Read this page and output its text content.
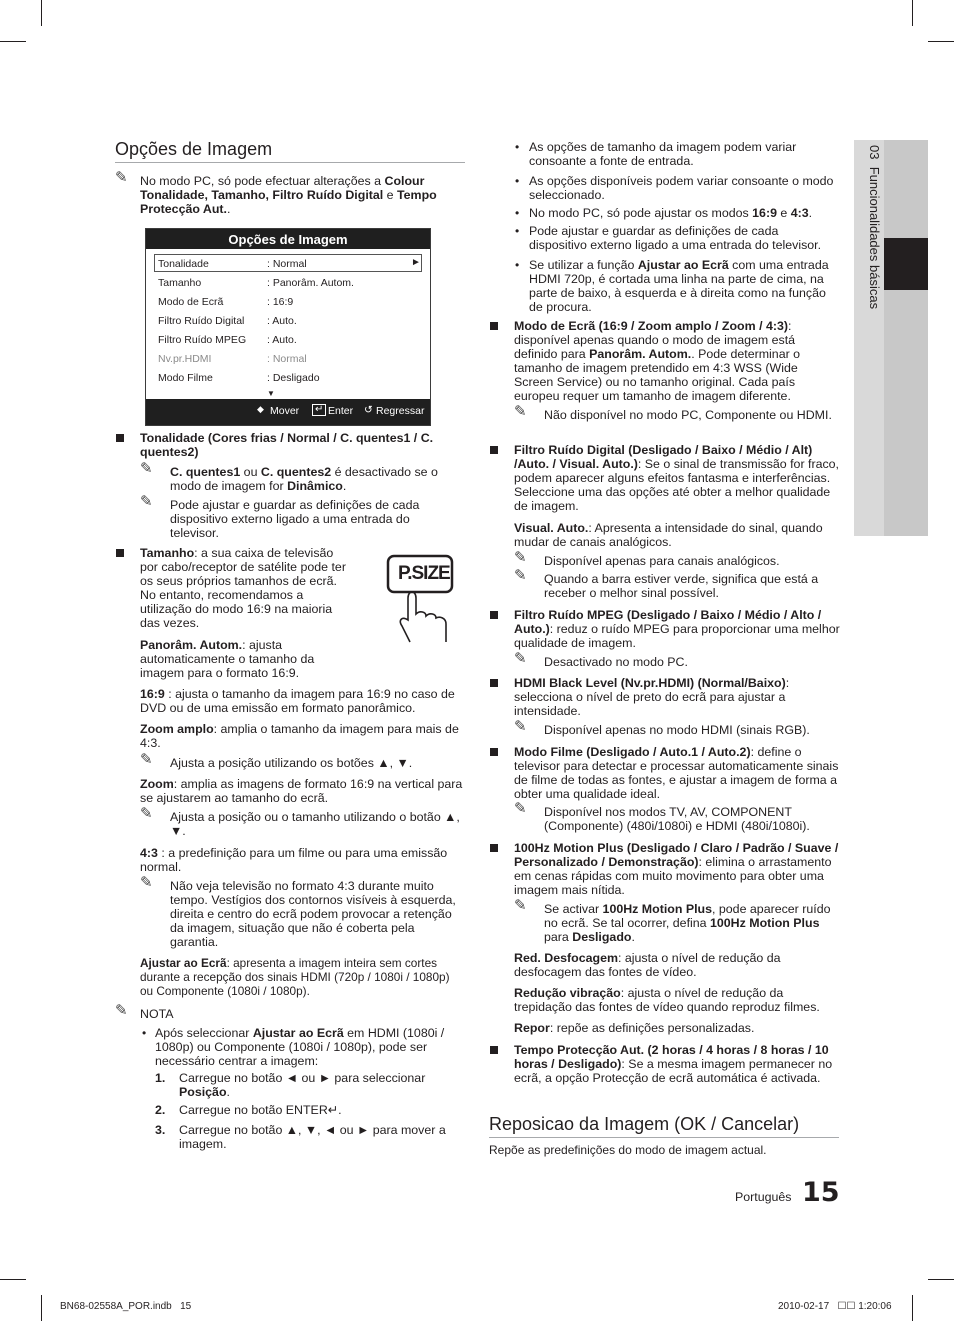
03  Funcionalidades básicas
Opções de Imagem
✎ No modo PC, só pode efectuar alterações a Colour Tonalidade, Tamanho, Filtro Ruído Digital e Tempo Protecção Aut..
Opções de Imagem
Tonalidade	: Normal
Tamanho	: Panorâm. Autom.
Modo de Ecrã	: 16:9
Filtro Ruído Digital : Auto.
Filtro Ruído MPEG : Auto.
Nv.pr.HDMI	: Normal
Modo Filme	: Desligado
►
▼
◆ Mover	↵ Enter ↺ Regressar
Tonalidade (Cores frias / Normal / C. quentes1 / C. quentes2)
✎ C. quentes1 ou C. quentes2 é desactivado se o modo de imagem for Dinâmico.
✎ Pode ajustar e guardar as definições de cada dispositivo externo ligado a uma entrada do televisor.
Tamanho: a sua caixa de televisão por cabo/receptor de satélite pode ter os seus próprios tamanhos de ecrã. No entanto, recomendamos a utilização do modo 16:9 na maioria das vezes.
P.SIZE
Panorâm. Autom.: ajusta automaticamente o tamanho da imagem para o formato 16:9.
16:9 : ajusta o tamanho da imagem para 16:9 no caso de DVD ou de uma emissão em formato panorâmico.
Zoom amplo: amplia o tamanho da imagem para mais de 4:3.
✎ Ajusta a posição utilizando os botões ▲, ▼.
Zoom: amplia as imagens de formato 16:9 na vertical para se ajustarem ao tamanho do ecrã.
✎ Ajusta a posição ou o tamanho utilizando o botão ▲, ▼.
4:3 : a predefinição para um filme ou para uma emissão normal.
✎ Não veja televisão no formato 4:3 durante muito tempo. Vestígios dos contornos visíveis à esquerda, direita e centro do ecrã podem provocar a retenção da imagem, situação que não é coberta pela garantia.
Ajustar ao Ecrã: apresenta a imagem inteira sem cortes durante a recepção dos sinais HDMI (720p / 1080i / 1080p) ou Componente (1080i / 1080p).
✎ NOTA
• Após seleccionar Ajustar ao Ecrã em HDMI (1080i / 1080p) ou Componente (1080i / 1080p), pode ser necessário centrar a imagem:
1. Carregue no botão ◄ ou ► para seleccionar Posição.
2. Carregue no botão ENTER↵.
3. Carregue no botão ▲, ▼, ◄ ou ► para mover a imagem.
• As opções de tamanho da imagem podem variar consoante a fonte de entrada.
• As opções disponíveis podem variar consoante o modo seleccionado.
• No modo PC, só pode ajustar os modos 16:9 e 4:3.
• Pode ajustar e guardar as definições de cada dispositivo externo ligado a uma entrada do televisor.
• Se utilizar a função Ajustar ao Ecrã com uma entrada HDMI 720p, é cortada uma linha na parte de cima, na parte de baixo, à esquerda e à direita como na função de procura.
Modo de Ecrã (16:9 / Zoom amplo / Zoom / 4:3): disponível apenas quando o modo de imagem está definido para Panorâm. Autom.. Pode determinar o tamanho de imagem pretendido em 4:3 WSS (Wide Screen Service) ou no tamanho original. Cada país europeu requer um tamanho de imagem diferente.
✎ Não disponível no modo PC, Componente ou HDMI.
Filtro Ruído Digital (Desligado / Baixo / Médio / Alt) /Auto. / Visual. Auto.): Se o sinal de transmissão for fraco, podem aparecer alguns efeitos fantasma e interferências. Seleccione uma das opções até obter a melhor qualidade de imagem.
Visual. Auto.: Apresenta a intensidade do sinal, quando mudar de canais analógicos.
✎ Disponível apenas para canais analógicos.
✎ Quando a barra estiver verde, significa que está a receber o melhor sinal possível.
Filtro Ruído MPEG (Desligado / Baixo / Médio / Alto / Auto.): reduz o ruído MPEG para proporcionar uma melhor qualidade de imagem.
✎ Desactivado no modo PC.
HDMI Black Level (Nv.pr.HDMI) (Normal/Baixo): selecciona o nível de preto do ecrã para ajustar a intensidade.
✎ Disponível apenas no modo HDMI (sinais RGB).
Modo Filme (Desligado / Auto.1 / Auto.2): define o televisor para detectar e processar automaticamente sinais de filme de todas as fontes, e ajustar a imagem de forma a obter uma qualidade ideal.
✎ Disponível nos modos TV, AV, COMPONENT (Componente) (480i/1080i) e HDMI (480i/1080i).
100Hz Motion Plus (Desligado / Claro / Padrão / Suave / Personalizado / Demonstração): elimina o arrastamento em cenas rápidas com muito movimento para obter uma imagem mais nítida.
✎ Se activar 100Hz Motion Plus, pode aparecer ruído no ecrã. Se tal ocorrer, defina 100Hz Motion Plus para Desligado.
Red. Desfocagem: ajusta o nível de redução da desfocagem das fontes de vídeo.
Redução vibração: ajusta o nível de redução da trepidação das fontes de vídeo quando reproduz filmes.
Repor: repõe as definições personalizadas.
Tempo Protecção Aut. (2 horas / 4 horas / 8 horas / 10 horas / Desligado): Se a mesma imagem permanecer no ecrã, a opção Protecção de ecrã automática é activada.
Reposicao da Imagem (OK / Cancelar)
Repõe as predefinições do modo de imagem actual.
Português 15
BN68-02558A_POR.indb   15	2010-02-17   ☐☐ 1:20:06
